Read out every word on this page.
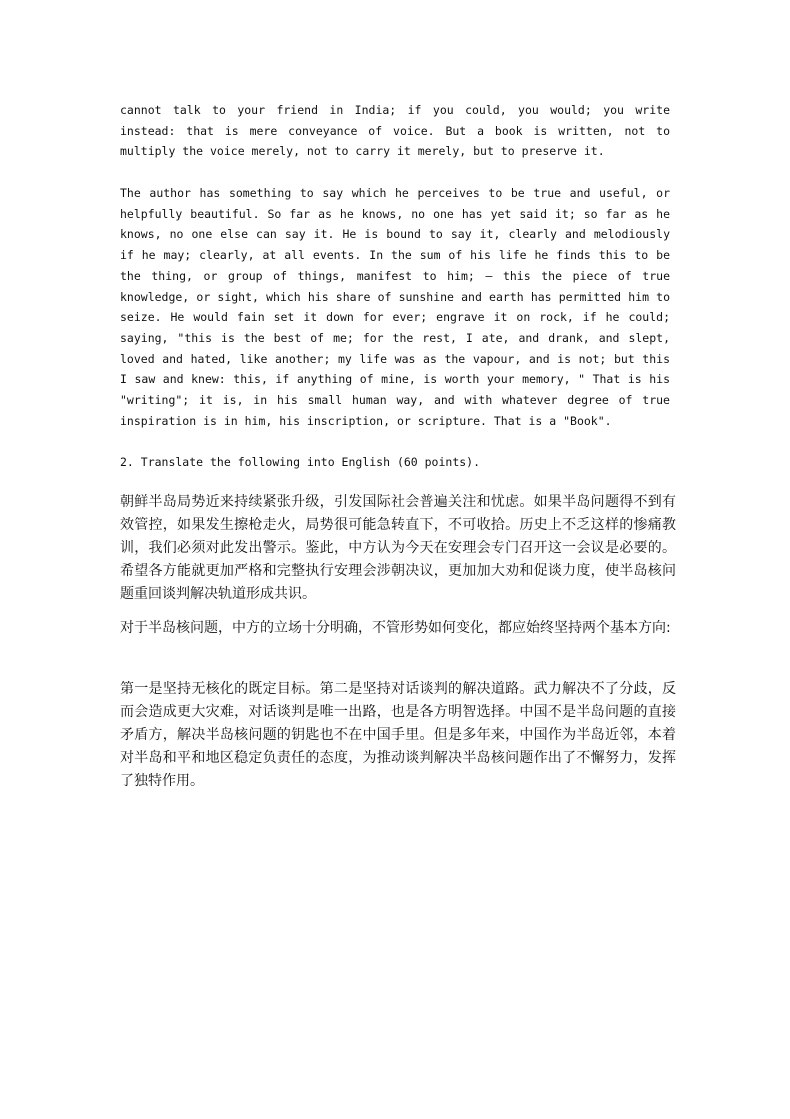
cannot talk to your friend in India; if you could, you would; you write instead: that is mere conveyance of voice. But a book is written, not to multiply the voice merely, not to carry it merely, but to preserve it.

The author has something to say which he perceives to be true and useful, or helpfully beautiful. So far as he knows, no one has yet said it; so far as he knows, no one else can say it. He is bound to say it, clearly and melodiously if he may; clearly, at all events. In the sum of his life he finds this to be the thing, or group of things, manifest to him; — this the piece of true knowledge, or sight, which his share of sunshine and earth has permitted him to seize. He would fain set it down for ever; engrave it on rock, if he could; saying, "this is the best of me; for the rest, I ate, and drank, and slept, loved and hated, like another; my life was as the vapour, and is not; but this I saw and knew: this, if anything of mine, is worth your memory, " That is his "writing"; it is, in his small human way, and with whatever degree of true inspiration is in him, his inscription, or scripture. That is a "Book".

2. Translate the following into English (60 points).

朝鲜半岛局势近来持续紧张升级，引发国际社会普遍关注和忧虑。如果半岛问题得不到有效管控，如果发生擦枪走火，局势很可能急转直下，不可收拾。历史上不乏这样的惨痛教训，我们必须对此发出警示。鉴此，中方认为今天在安理会专门召开这一会议是必要的。希望各方能就更加严格和完整执行安理会涉朝决议，更加加大劝和促谈力度，使半岛核问题重回谈判解决轨道形成共识。

对于半岛核问题，中方的立场十分明确，不管形势如何变化，都应始终坚持两个基本方向:

第一是坚持无核化的既定目标。第二是坚持对话谈判的解决道路。武力解决不了分歧，反而会造成更大灾难，对话谈判是唯一出路，也是各方明智选择。中国不是半岛问题的直接矛盾方，解决半岛核问题的钥匙也不在中国手里。但是多年来，中国作为半岛近邻，本着对半岛和平和地区稳定负责任的态度，为推动谈判解决半岛核问题作出了不懈努力，发挥了独特作用。
